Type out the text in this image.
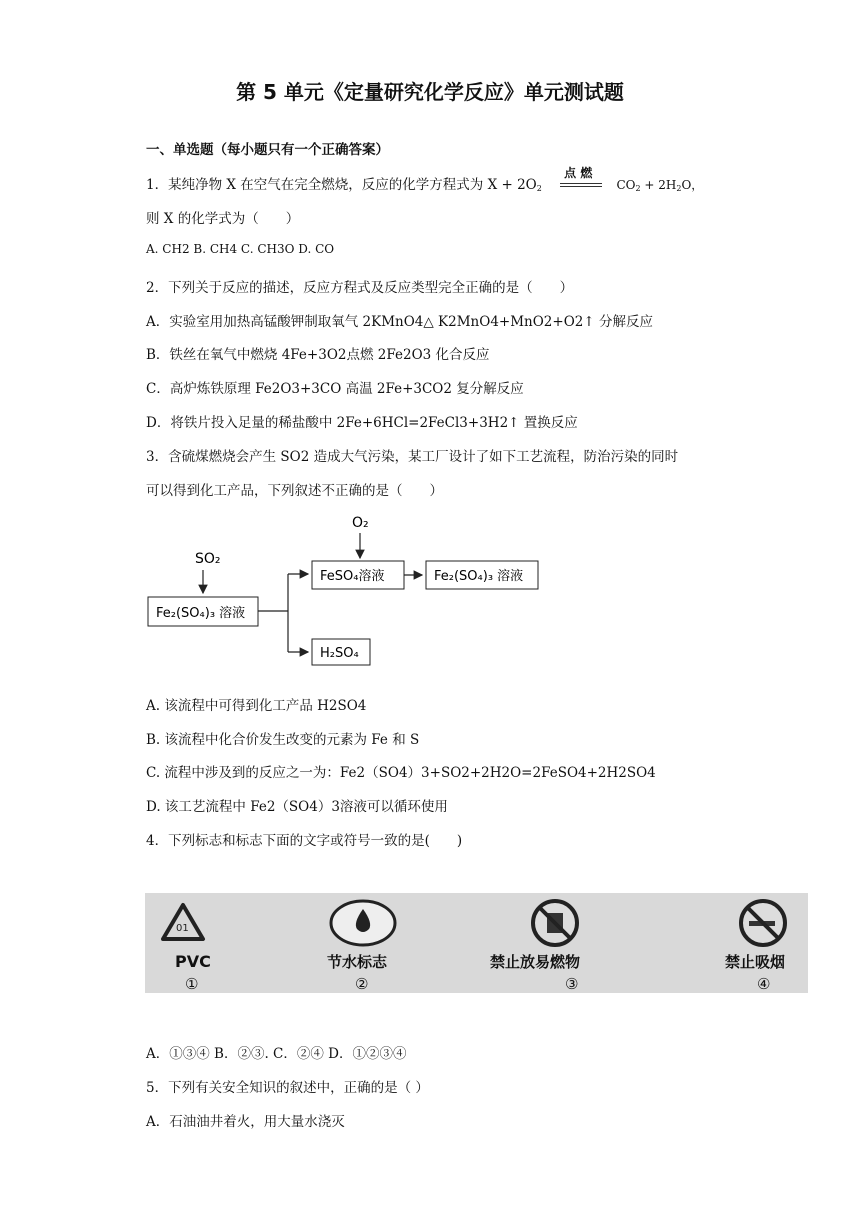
第 5 单元《定量研究化学反应》单元测试题
一、单选题（每小题只有一个正确答案）
1．某纯净物 X 在空气在完全燃烧，反应的化学方程式为 $X + 2O_2$
点 燃
$CO_2 + 2H_2O$，
则 X 的化学式为（　　）
A. CH2 B. CH4 C. CH3O D. CO
2．下列关于反应的描述，反应方程式及反应类型完全正确的是（　　）
A．实验室用加热高锰酸钾制取氧气 2KMnO4△ K2MnO4+MnO2+O2↑ 分解反应
B．铁丝在氧气中燃烧 4Fe+3O2点燃 2Fe2O3 化合反应
C．高炉炼铁原理 Fe2O3+3CO 高温 2Fe+3CO2 复分解反应
D．将铁片投入足量的稀盐酸中 2Fe+6HCl=2FeCl3+3H2↑ 置换反应
3．含硫煤燃烧会产生 SO2 造成大气污染，某工厂设计了如下工艺流程，防治污染的同时
可以得到化工产品，下列叙述不正确的是（　　）
SO₂
Fe₂(SO₄)₃ 溶液
O₂
FeSO₄溶液	Fe₂(SO₄)₃ 溶液
H₂SO₄
A. 该流程中可得到化工产品 H2SO4
B. 该流程中化合价发生改变的元素为 Fe 和 S
C. 流程中涉及到的反应之一为：Fe2（SO4）3+SO2+2H2O=2FeSO4+2H2SO4
D. 该工艺流程中 Fe2（SO4）3溶液可以循环使用
4．下列标志和标志下面的文字或符号一致的是(　　)
01
PVC
①
节水标志
②
禁止放易燃物
③
禁止吸烟
④
A．①③④ B．②③. C．②④ D．①②③④
5．下列有关安全知识的叙述中，正确的是（ ）
A．石油油井着火，用大量水浇灭
